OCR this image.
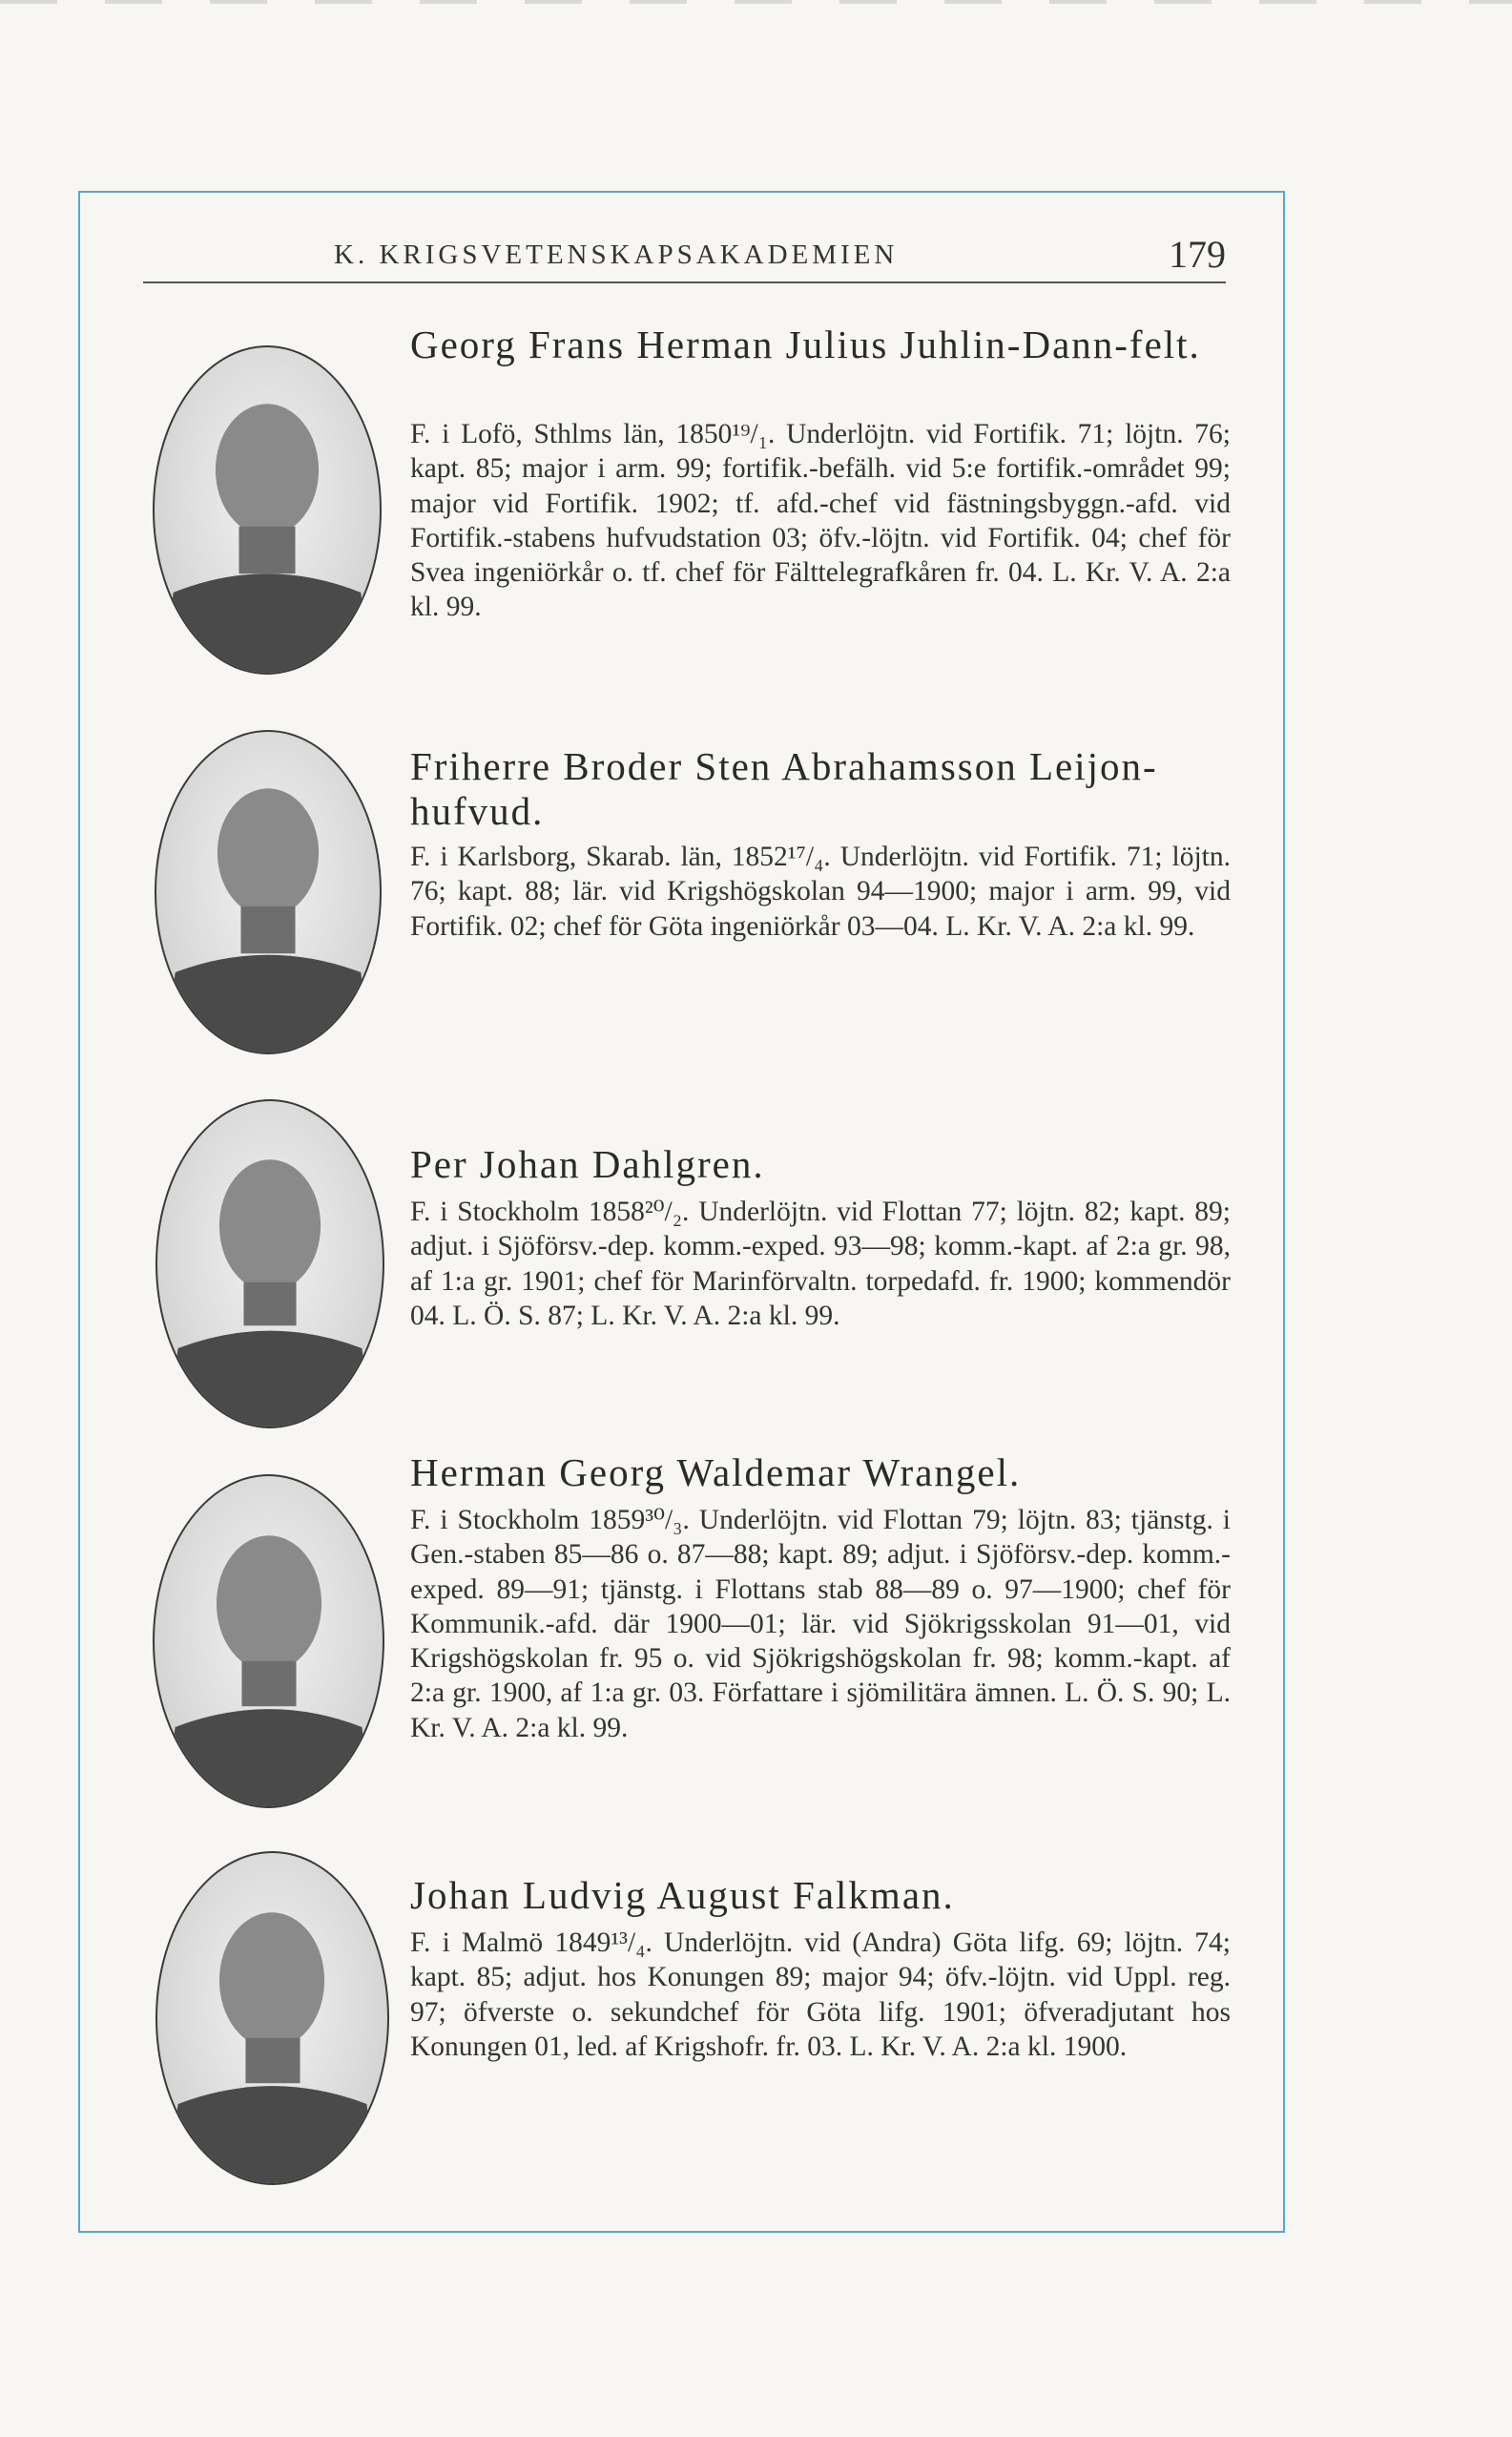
K. KRIGSVETENSKAPSAKADEMIEN	179
Georg Frans Herman Julius Juhlin-Dann-felt.

F. i Lofö, Sthlms län, 1850¹⁹/₁. Underlöjtn. vid Fortifik. 71; löjtn. 76; kapt. 85; major i arm. 99; fortifik.-befälh. vid 5:e fortifik.-området 99; major vid Fortifik. 1902; tf. afd.-chef vid fästningsbyggn.-afd. vid Fortifik.-stabens hufvudstation 03; öfv.-löjtn. vid Fortifik. 04; chef för Svea ingeniörkår o. tf. chef för Fälttelegrafkåren fr. 04. L. Kr. V. A. 2:a kl. 99.

Friherre Broder Sten Abrahamsson Leijon-hufvud.

F. i Karlsborg, Skarab. län, 1852¹⁷/₄. Underlöjtn. vid Fortifik. 71; löjtn. 76; kapt. 88; lär. vid Krigshögskolan 94—1900; major i arm. 99, vid Fortifik. 02; chef för Göta ingeniörkår 03—04. L. Kr. V. A. 2:a kl. 99.

Per Johan Dahlgren.

F. i Stockholm 1858²⁰/₂. Underlöjtn. vid Flottan 77; löjtn. 82; kapt. 89; adjut. i Sjöförsv.-dep. komm.-exped. 93—98; komm.-kapt. af 2:a gr. 98, af 1:a gr. 1901; chef för Marinförvaltn. torpedafd. fr. 1900; kommendör 04. L. Ö. S. 87; L. Kr. V. A. 2:a kl. 99.

Herman Georg Waldemar Wrangel.

F. i Stockholm 1859³⁰/₃. Underlöjtn. vid Flottan 79; löjtn. 83; tjänstg. i Gen.-staben 85—86 o. 87—88; kapt. 89; adjut. i Sjöförsv.-dep. komm.-exped. 89—91; tjänstg. i Flottans stab 88—89 o. 97—1900; chef för Kommunik.-afd. där 1900—01; lär. vid Sjökrigsskolan 91—01, vid Krigshögskolan fr. 95 o. vid Sjökrigshögskolan fr. 98; komm.-kapt. af 2:a gr. 1900, af 1:a gr. 03. Författare i sjömilitära ämnen. L. Ö. S. 90; L. Kr. V. A. 2:a kl. 99.

Johan Ludvig August Falkman.

F. i Malmö 1849¹³/₄. Underlöjtn. vid (Andra) Göta lifg. 69; löjtn. 74; kapt. 85; adjut. hos Konungen 89; major 94; öfv.-löjtn. vid Uppl. reg. 97; öfverste o. sekundchef för Göta lifg. 1901; öfveradjutant hos Konungen 01, led. af Krigshofr. fr. 03. L. Kr. V. A. 2:a kl. 1900.
